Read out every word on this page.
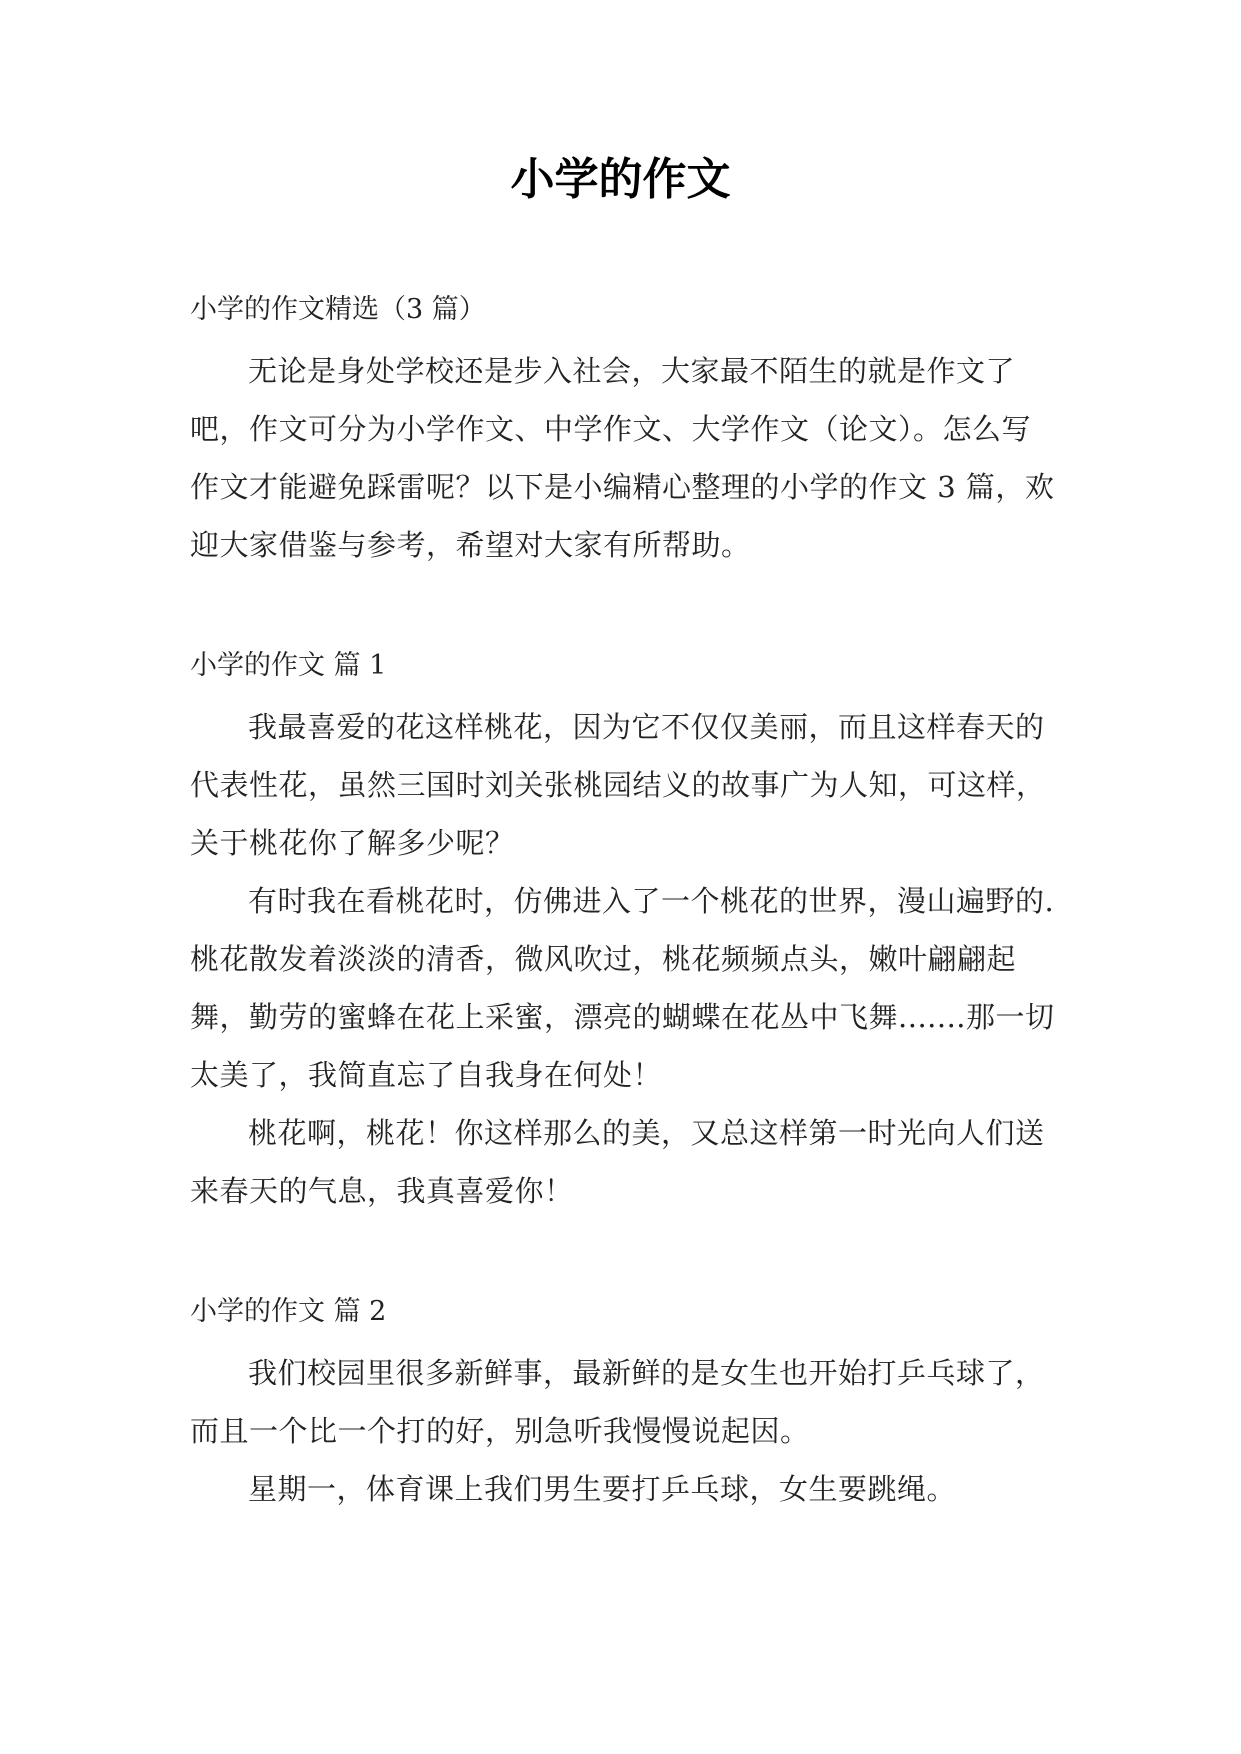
小学的作文

小学的作文精选（3 篇）

无论是身处学校还是步入社会，大家最不陌生的就是作文了吧，作文可分为小学作文、中学作文、大学作文（论文）。怎么写作文才能避免踩雷呢？以下是小编精心整理的小学的作文 3 篇，欢迎大家借鉴与参考，希望对大家有所帮助。

小学的作文 篇 1

我最喜爱的花这样桃花，因为它不仅仅美丽，而且这样春天的代表性花，虽然三国时刘关张桃园结义的故事广为人知，可这样，关于桃花你了解多少呢？

有时我在看桃花时，仿佛进入了一个桃花的世界，漫山遍野的.桃花散发着淡淡的清香，微风吹过，桃花频频点头，嫩叶翩翩起舞，勤劳的蜜蜂在花上采蜜，漂亮的蝴蝶在花丛中飞舞.......那一切太美了，我简直忘了自我身在何处！

桃花啊，桃花！你这样那么的美，又总这样第一时光向人们送来春天的气息，我真喜爱你！

小学的作文 篇 2

我们校园里很多新鲜事，最新鲜的是女生也开始打乒乓球了，而且一个比一个打的好，别急听我慢慢说起因。

星期一，体育课上我们男生要打乒乓球，女生要跳绳。
